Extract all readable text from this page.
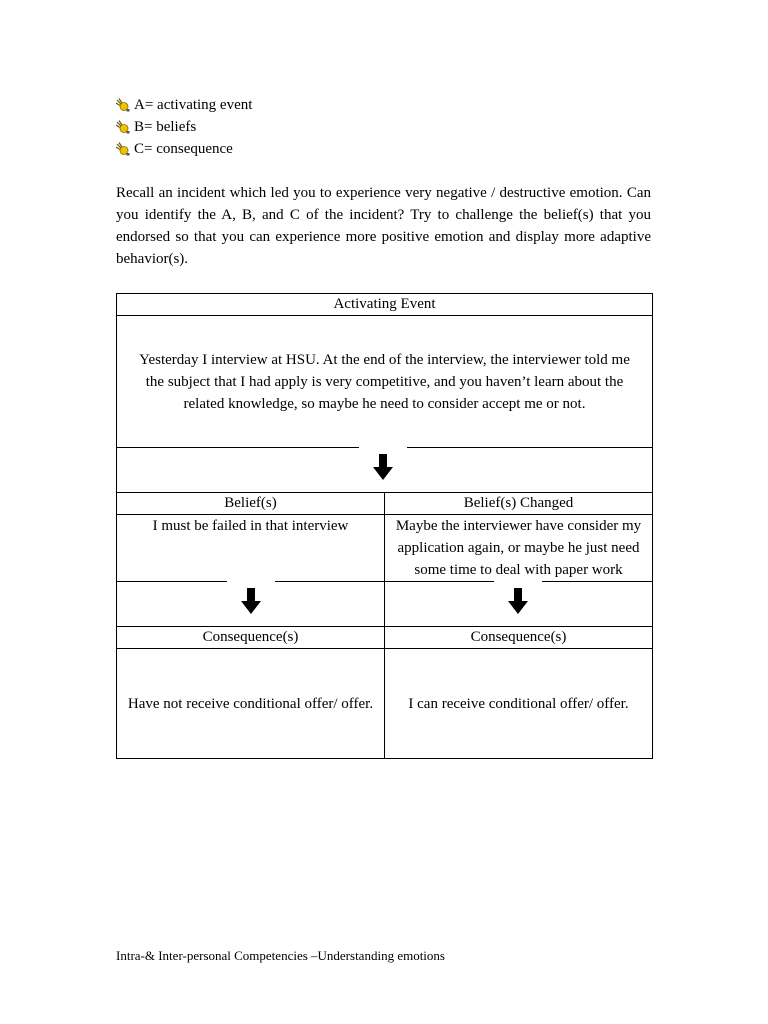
A= activating event
B= beliefs
C= consequence

Recall an incident which led you to experience very negative / destructive emotion. Can you identify the A, B, and C of the incident? Try to challenge the belief(s) that you endorsed so that you can experience more positive emotion and display more adaptive behavior(s).

Activating Event	
Yesterday I interview at HSU. At the end of the interview, the interviewer told me the subject that I had apply is very competitive, and you haven’t learn about the related knowledge, so maybe he need to consider accept me or not.	

Belief(s)	Belief(s) Changed
I must be failed in that interview	Maybe the interviewer have consider my application again, or maybe he just need some time to deal with paper work

Consequence(s)	Consequence(s)
Have not receive conditional offer/ offer.	I can receive conditional offer/ offer.
Intra-& Inter-personal Competencies –Understanding emotions
